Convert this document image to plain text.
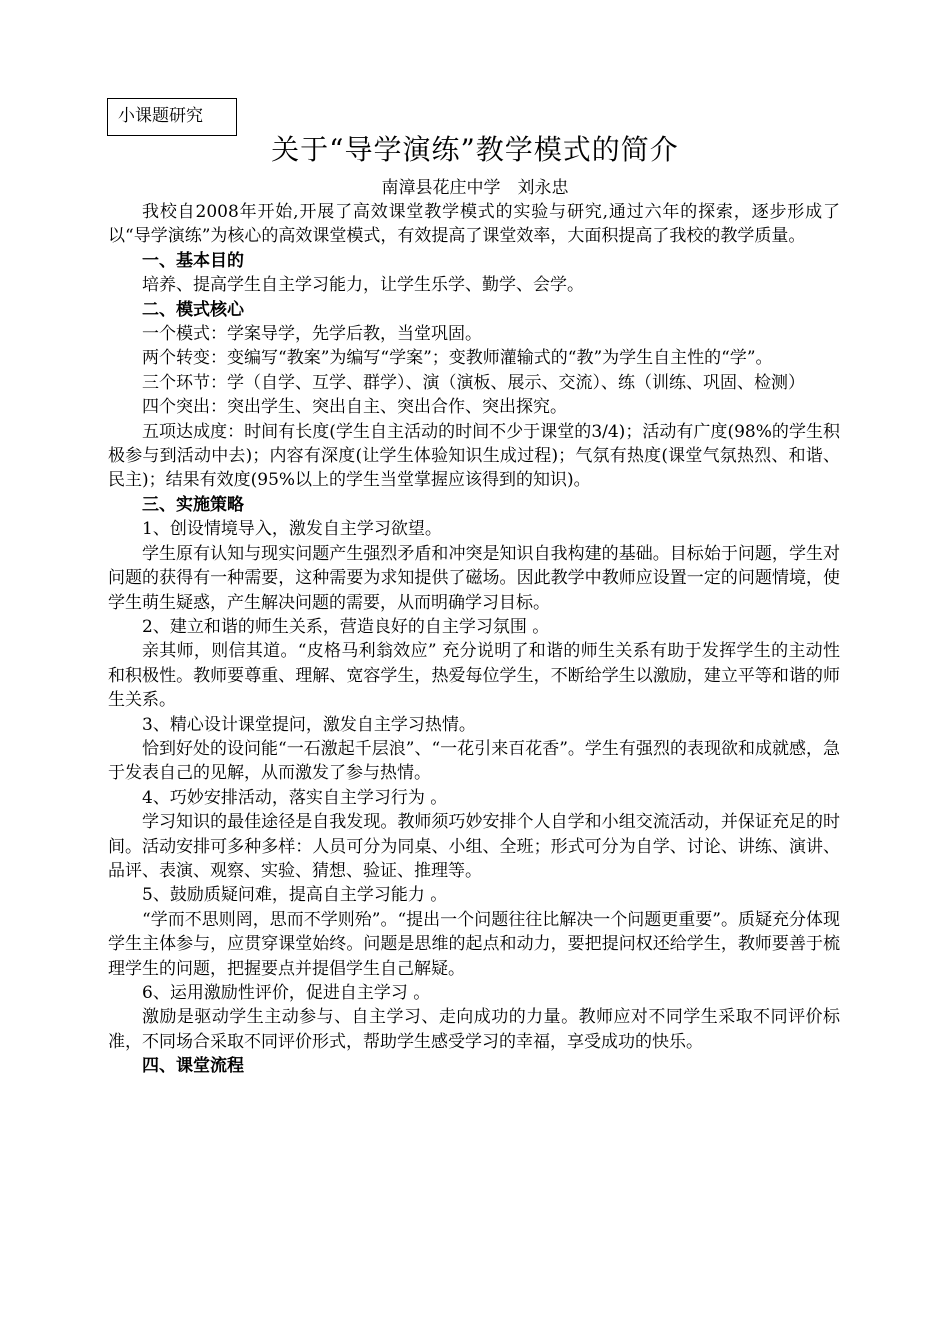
小课题研究
关于“导学演练”教学模式的简介
南漳县花庄中学　刘永忠

我校自2008年开始,开展了高效课堂教学模式的实验与研究,通过六年的探索，逐步形成了以“导学演练”为核心的高效课堂模式，有效提高了课堂效率，大面积提高了我校的教学质量。

一、基本目的

培养、提高学生自主学习能力，让学生乐学、勤学、会学。

二、模式核心

一个模式：学案导学，先学后教，当堂巩固。

两个转变：变编写“教案”为编写“学案”；变教师灌输式的“教”为学生自主性的“学”。

三个环节：学（自学、互学、群学）、演（演板、展示、交流）、练（训练、巩固、检测）

四个突出：突出学生、突出自主、突出合作、突出探究。

五项达成度：时间有长度(学生自主活动的时间不少于课堂的3/4)；活动有广度(98%的学生积极参与到活动中去)；内容有深度(让学生体验知识生成过程)；气氛有热度(课堂气氛热烈、和谐、民主)；结果有效度(95%以上的学生当堂掌握应该得到的知识)。

三、实施策略

1、创设情境导入，激发自主学习欲望。

学生原有认知与现实问题产生强烈矛盾和冲突是知识自我构建的基础。目标始于问题，学生对问题的获得有一种需要，这种需要为求知提供了磁场。因此教学中教师应设置一定的问题情境，使学生萌生疑惑，产生解决问题的需要，从而明确学习目标。

2、建立和谐的师生关系，营造良好的自主学习氛围 。

亲其师，则信其道。“皮格马利翁效应” 充分说明了和谐的师生关系有助于发挥学生的主动性和积极性。教师要尊重、理解、宽容学生，热爱每位学生，不断给学生以激励，建立平等和谐的师生关系。

3、精心设计课堂提问，激发自主学习热情。

恰到好处的设问能“一石激起千层浪”、“一花引来百花香”。学生有强烈的表现欲和成就感，急于发表自己的见解，从而激发了参与热情。

4、巧妙安排活动，落实自主学习行为 。

学习知识的最佳途径是自我发现。教师须巧妙安排个人自学和小组交流活动，并保证充足的时间。活动安排可多种多样：人员可分为同桌、小组、全班；形式可分为自学、讨论、讲练、演讲、品评、表演、观察、实验、猜想、验证、推理等。

5、鼓励质疑问难，提高自主学习能力 。

“学而不思则罔，思而不学则殆”。“提出一个问题往往比解决一个问题更重要”。质疑充分体现学生主体参与，应贯穿课堂始终。问题是思维的起点和动力，要把提问权还给学生，教师要善于梳理学生的问题，把握要点并提倡学生自己解疑。

6、运用激励性评价，促进自主学习 。

激励是驱动学生主动参与、自主学习、走向成功的力量。教师应对不同学生采取不同评价标准，不同场合采取不同评价形式，帮助学生感受学习的幸福，享受成功的快乐。

四、课堂流程
